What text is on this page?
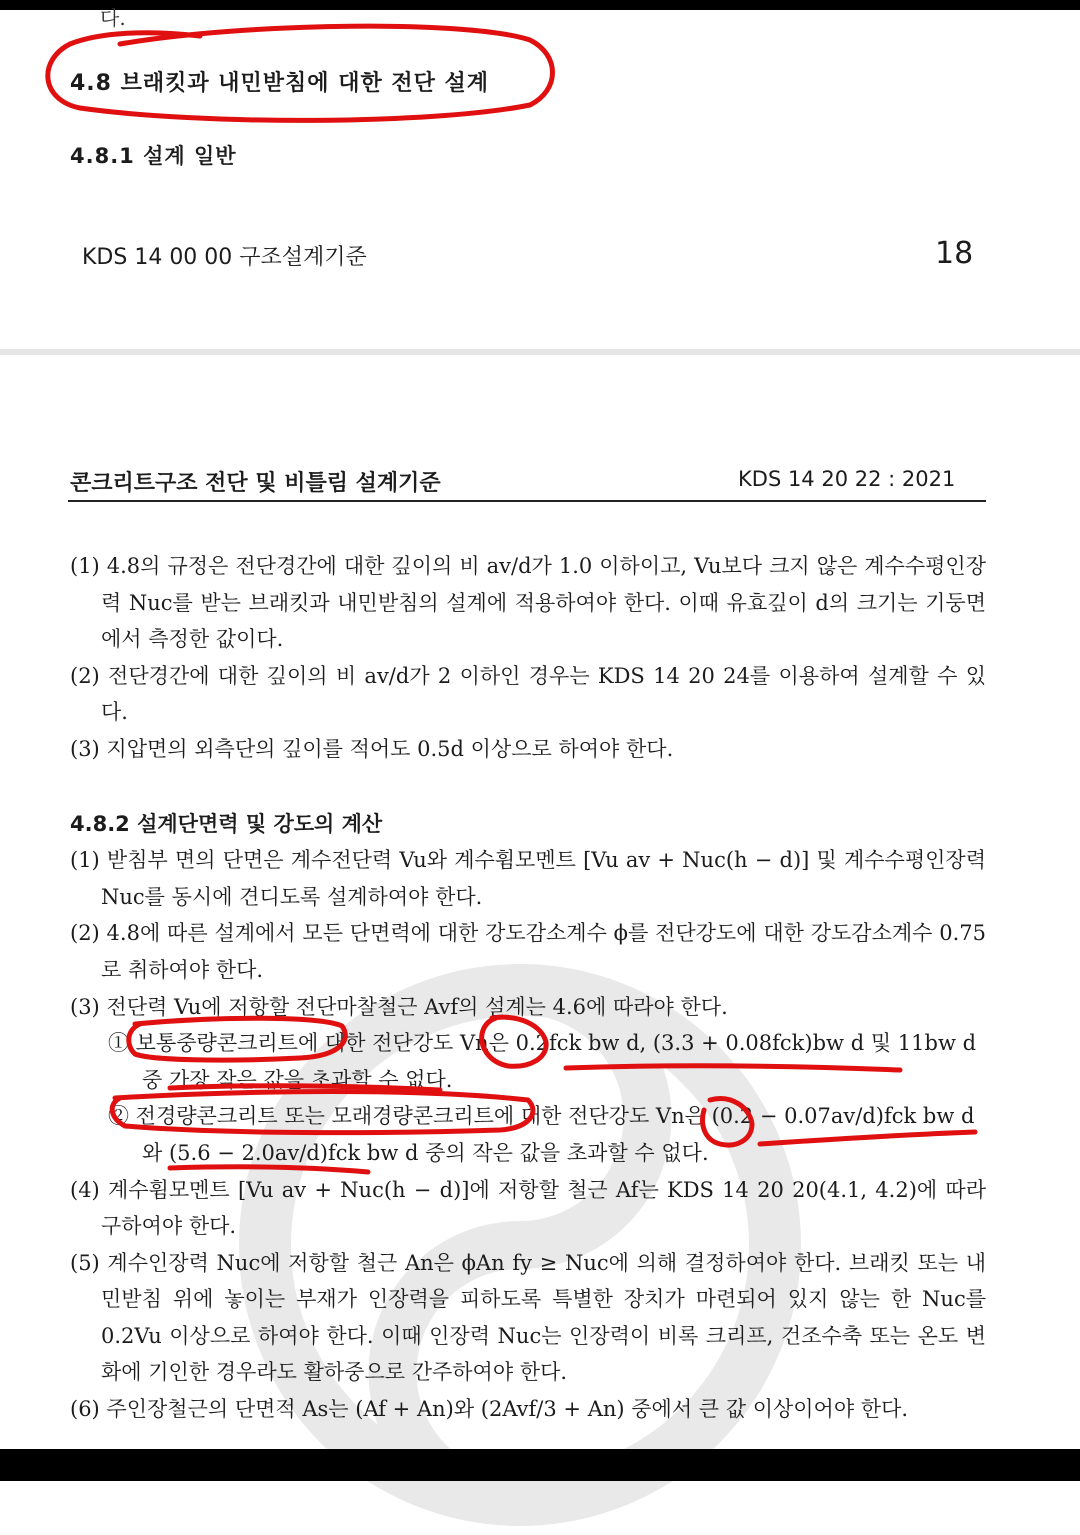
다.
4.8 브래킷과 내민받침에 대한 전단 설계
4.8.1 설계 일반
KDS 14 00 00 구조설계기준	18
콘크리트구조 전단 및 비틀림 설계기준	KDS 14 20 22 : 2021

(1) 4.8의 규정은 전단경간에 대한 깊이의 비 av/d가 1.0 이하이고, Vu보다 크지 않은 계수수평인장력 Nuc를 받는 브래킷과 내민받침의 설계에 적용하여야 한다. 이때 유효깊이 d의 크기는 기둥면에서 측정한 값이다.

(2) 전단경간에 대한 깊이의 비 av/d가 2 이하인 경우는 KDS 14 20 24를 이용하여 설계할 수 있다.

(3) 지압면의 외측단의 깊이를 적어도 0.5d 이상으로 하여야 한다.

4.8.2 설계단면력 및 강도의 계산

(1) 받침부 면의 단면은 계수전단력 Vu와 계수휨모멘트 [Vu av + Nuc(h − d)] 및 계수수평인장력 Nuc를 동시에 견디도록 설계하여야 한다.

(2) 4.8에 따른 설계에서 모든 단면력에 대한 강도감소계수 ϕ를 전단강도에 대한 강도감소계수 0.75로 취하여야 한다.

(3) 전단력 Vu에 저항할 전단마찰철근 Avf의 설계는 4.6에 따라야 한다.

① 보통중량콘크리트에 대한 전단강도 Vn은 0.2fck bw d, (3.3 + 0.08fck)bw d 및 11bw d 중 가장 작은 값을 초과할 수 없다.

② 전경량콘크리트 또는 모래경량콘크리트에 대한 전단강도 Vn은 (0.2 − 0.07av/d)fck bw d와 (5.6 − 2.0av/d)fck bw d 중의 작은 값을 초과할 수 없다.

(4) 계수휨모멘트 [Vu av + Nuc(h − d)]에 저항할 철근 Af는 KDS 14 20 20(4.1, 4.2)에 따라 구하여야 한다.

(5) 계수인장력 Nuc에 저항할 철근 An은 ϕAn fy ≥ Nuc에 의해 결정하여야 한다. 브래킷 또는 내민받침 위에 놓이는 부재가 인장력을 피하도록 특별한 장치가 마련되어 있지 않는 한 Nuc를 0.2Vu 이상으로 하여야 한다. 이때 인장력 Nuc는 인장력이 비록 크리프, 건조수축 또는 온도 변화에 기인한 경우라도 활하중으로 간주하여야 한다.

(6) 주인장철근의 단면적 As는 (Af + An)와 (2Avf/3 + An) 중에서 큰 값 이상이어야 한다.
